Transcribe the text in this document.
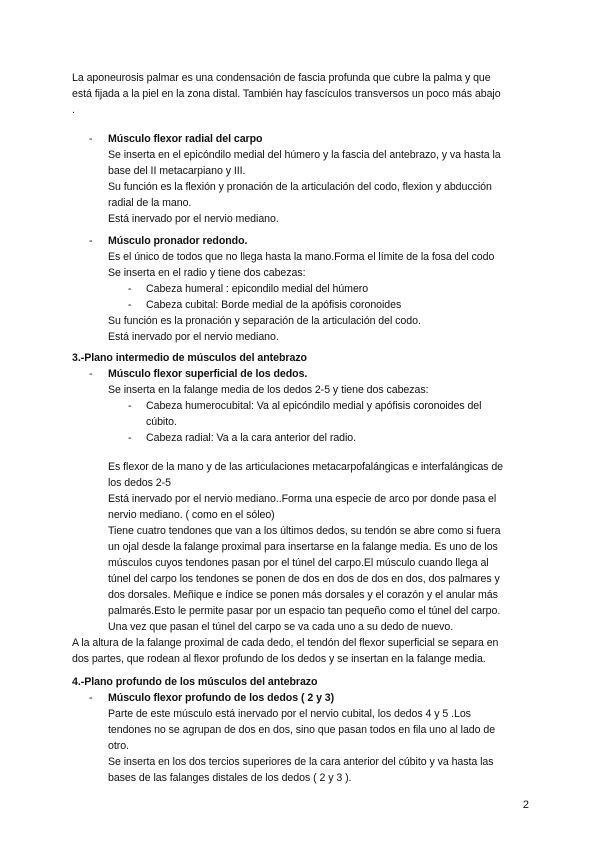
La aponeurosis palmar es una condensación de fascia profunda que cubre la palma y que
está fijada a la piel en la zona distal. También hay fascículos transversos un poco más abajo
.
- Músculo flexor radial del carpo
Se inserta en el epicóndilo medial del húmero y la fascia del antebrazo, y va hasta la
base del II metacarpiano y III.
Su función es la flexión y pronación de la articulación del codo, flexion y abducción
radial de la mano.
Está inervado por el nervio mediano.
- Músculo pronador redondo.
Es el único de todos que no llega hasta la mano.Forma el límite de la fosa del codo
Se inserta en el radio y tiene dos cabezas:
- Cabeza humeral : epicondilo medial del húmero
- Cabeza cubital: Borde medial de la apófisis coronoides
Su función es la pronación y separación de la articulación del codo.
Está inervado por el nervio mediano.
3.-Plano intermedio de músculos del antebrazo
- Músculo flexor superficial de los dedos.
Se inserta en la falange media de los dedos 2-5 y tiene dos cabezas:
- Cabeza humerocubital: Va al epicóndilo medial y apófisis coronoides del
cúbito.
- Cabeza radial: Va a la cara anterior del radio.
Es flexor de la mano y de las articulaciones metacarpofalángicas e interfalángicas de
los dedos 2-5
Está inervado por el nervio mediano..Forma una especie de arco por donde pasa el
nervio mediano. ( como en el sóleo)
Tiene cuatro tendones que van a los últimos dedos, su tendón se abre como si fuera
un ojal desde la falange proximal para insertarse en la falange media. Es uno de los
músculos cuyos tendones pasan por el túnel del carpo.El músculo cuando llega al
túnel del carpo los tendones se ponen de dos en dos de dos en dos, dos palmares y
dos dorsales. Meñique e índice se ponen más dorsales y el corazón y el anular más
palmarés.Esto le permite pasar por un espacio tan pequeño como el túnel del carpo.
Una vez que pasan el túnel del carpo se va cada uno a su dedo de nuevo.
A la altura de la falange proximal de cada dedo, el tendón del flexor superficial se separa en
dos partes, que rodean al flexor profundo de los dedos y se insertan en la falange media.
4.-Plano profundo de los músculos del antebrazo
- Músculo flexor profundo de los dedos ( 2 y 3)
Parte de este músculo está inervado por el nervio cubital, los dedos 4 y 5 .Los
tendones no se agrupan de dos en dos, sino que pasan todos en fila uno al lado de
otro.
Se inserta en los dos tercios superiores de la cara anterior del cúbito y va hasta las
bases de las falanges distales de los dedos ( 2 y 3 ).
2
